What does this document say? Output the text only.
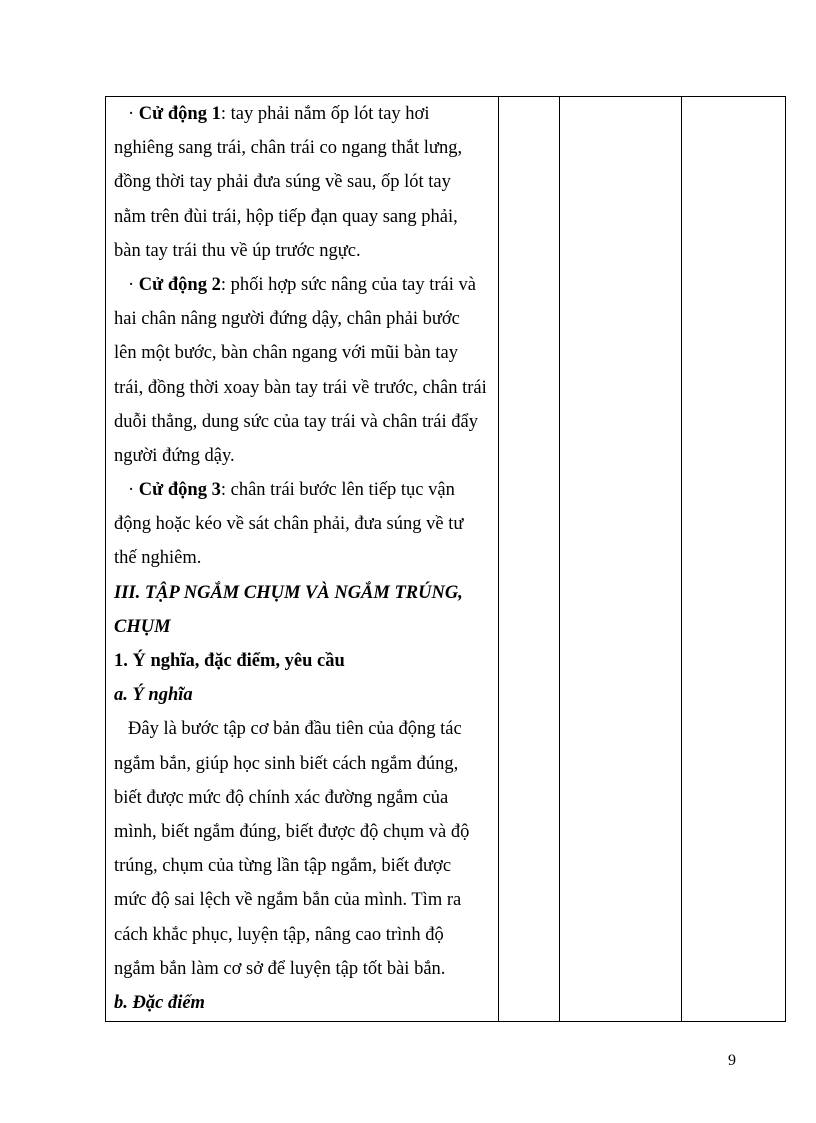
· Cử động 1: tay phải nắm ốp lót tay hơi
nghiêng sang trái, chân trái co ngang thắt lưng,
đồng thời tay phải đưa súng về sau, ốp lót tay
nằm trên đùi trái, hộp tiếp đạn quay sang phải,
bàn tay trái thu về úp trước ngực.
· Cử động 2: phối hợp sức nâng của tay trái và
hai chân nâng người đứng dậy, chân phải bước
lên một bước, bàn chân ngang với mũi bàn tay
trái, đồng thời xoay bàn tay trái về trước, chân trái
duỗi thẳng, dung sức của tay trái và chân trái đẩy
người đứng dậy.
· Cử động 3: chân trái bước lên tiếp tục vận
động hoặc kéo về sát chân phải, đưa súng về tư
thế nghiêm.
III. TẬP NGẮM CHỤM VÀ NGẮM TRÚNG,
CHỤM
1. Ý nghĩa, đặc điểm, yêu cầu
a. Ý nghĩa
Đây là bước tập cơ bản đầu tiên của động tác
ngắm bắn, giúp học sinh biết cách ngắm đúng,
biết được mức độ chính xác đường ngắm của
mình, biết ngắm đúng, biết được độ chụm và độ
trúng, chụm của từng lần tập ngắm, biết được
mức độ sai lệch về ngắm bắn của mình. Tìm ra
cách khắc phục, luyện tập, nâng cao trình độ
ngắm bắn làm cơ sở để luyện tập tốt bài bắn.
b. Đặc điểm
9
